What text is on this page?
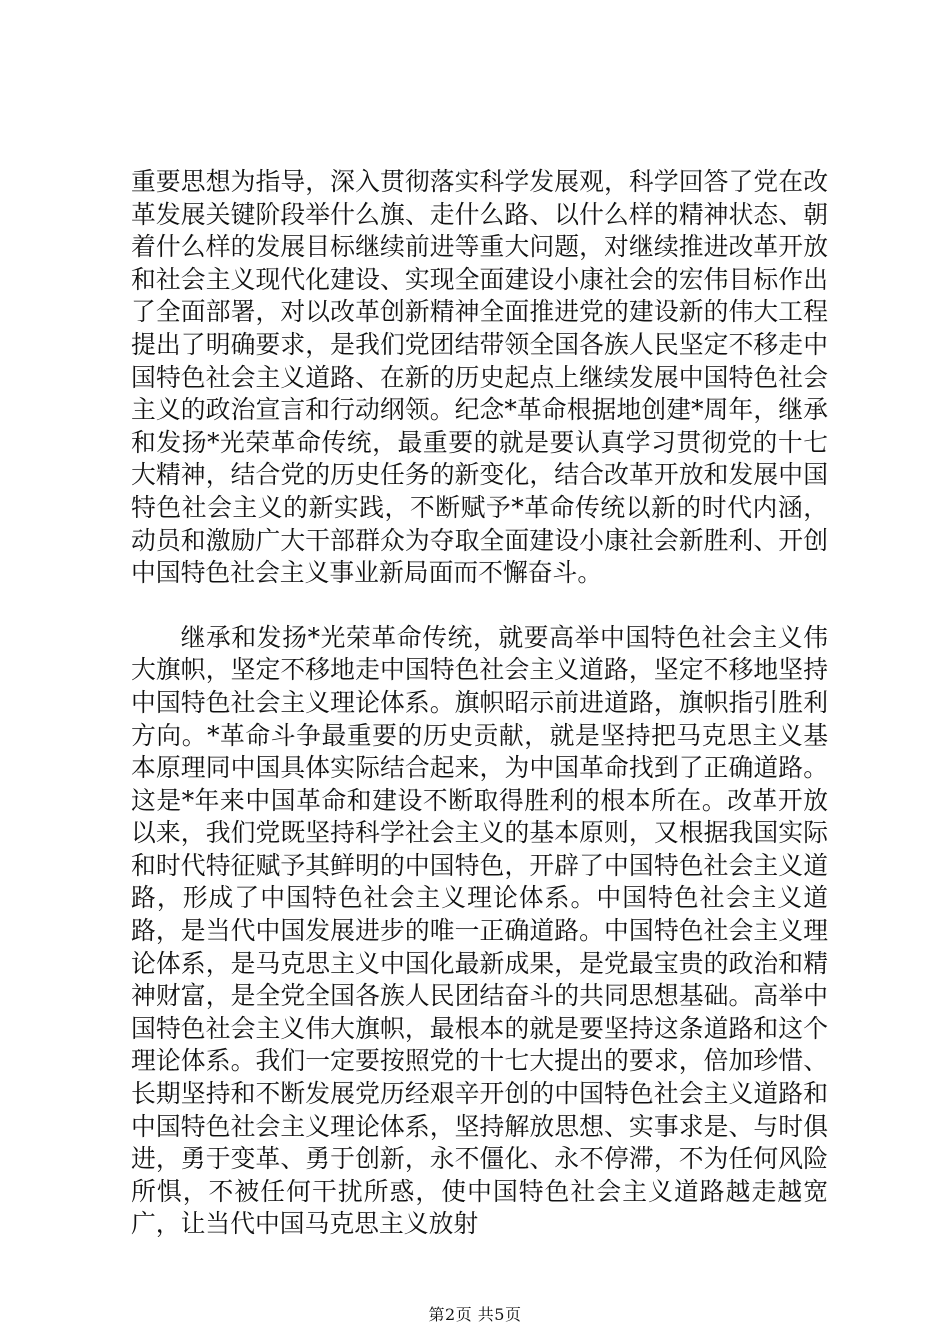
重要思想为指导，深入贯彻落实科学发展观，科学回答了党在改革发展关键阶段举什么旗、走什么路、以什么样的精神状态、朝着什么样的发展目标继续前进等重大问题，对继续推进改革开放和社会主义现代化建设、实现全面建设小康社会的宏伟目标作出了全面部署，对以改革创新精神全面推进党的建设新的伟大工程提出了明确要求，是我们党团结带领全国各族人民坚定不移走中国特色社会主义道路、在新的历史起点上继续发展中国特色社会主义的政治宣言和行动纲领。纪念*革命根据地创建*周年，继承和发扬*光荣革命传统，最重要的就是要认真学习贯彻党的十七大精神，结合党的历史任务的新变化，结合改革开放和发展中国特色社会主义的新实践，不断赋予*革命传统以新的时代内涵，动员和激励广大干部群众为夺取全面建设小康社会新胜利、开创中国特色社会主义事业新局面而不懈奋斗。

继承和发扬*光荣革命传统，就要高举中国特色社会主义伟大旗帜，坚定不移地走中国特色社会主义道路，坚定不移地坚持中国特色社会主义理论体系。旗帜昭示前进道路，旗帜指引胜利方向。*革命斗争最重要的历史贡献，就是坚持把马克思主义基本原理同中国具体实际结合起来，为中国革命找到了正确道路。这是*年来中国革命和建设不断取得胜利的根本所在。改革开放以来，我们党既坚持科学社会主义的基本原则，又根据我国实际和时代特征赋予其鲜明的中国特色，开辟了中国特色社会主义道路，形成了中国特色社会主义理论体系。中国特色社会主义道路，是当代中国发展进步的唯一正确道路。中国特色社会主义理论体系，是马克思主义中国化最新成果，是党最宝贵的政治和精神财富，是全党全国各族人民团结奋斗的共同思想基础。高举中国特色社会主义伟大旗帜，最根本的就是要坚持这条道路和这个理论体系。我们一定要按照党的十七大提出的要求，倍加珍惜、长期坚持和不断发展党历经艰辛开创的中国特色社会主义道路和中国特色社会主义理论体系，坚持解放思想、实事求是、与时俱进，勇于变革、勇于创新，永不僵化、永不停滞，不为任何风险所惧，不被任何干扰所惑，使中国特色社会主义道路越走越宽广，让当代中国马克思主义放射

第2页 共5页
